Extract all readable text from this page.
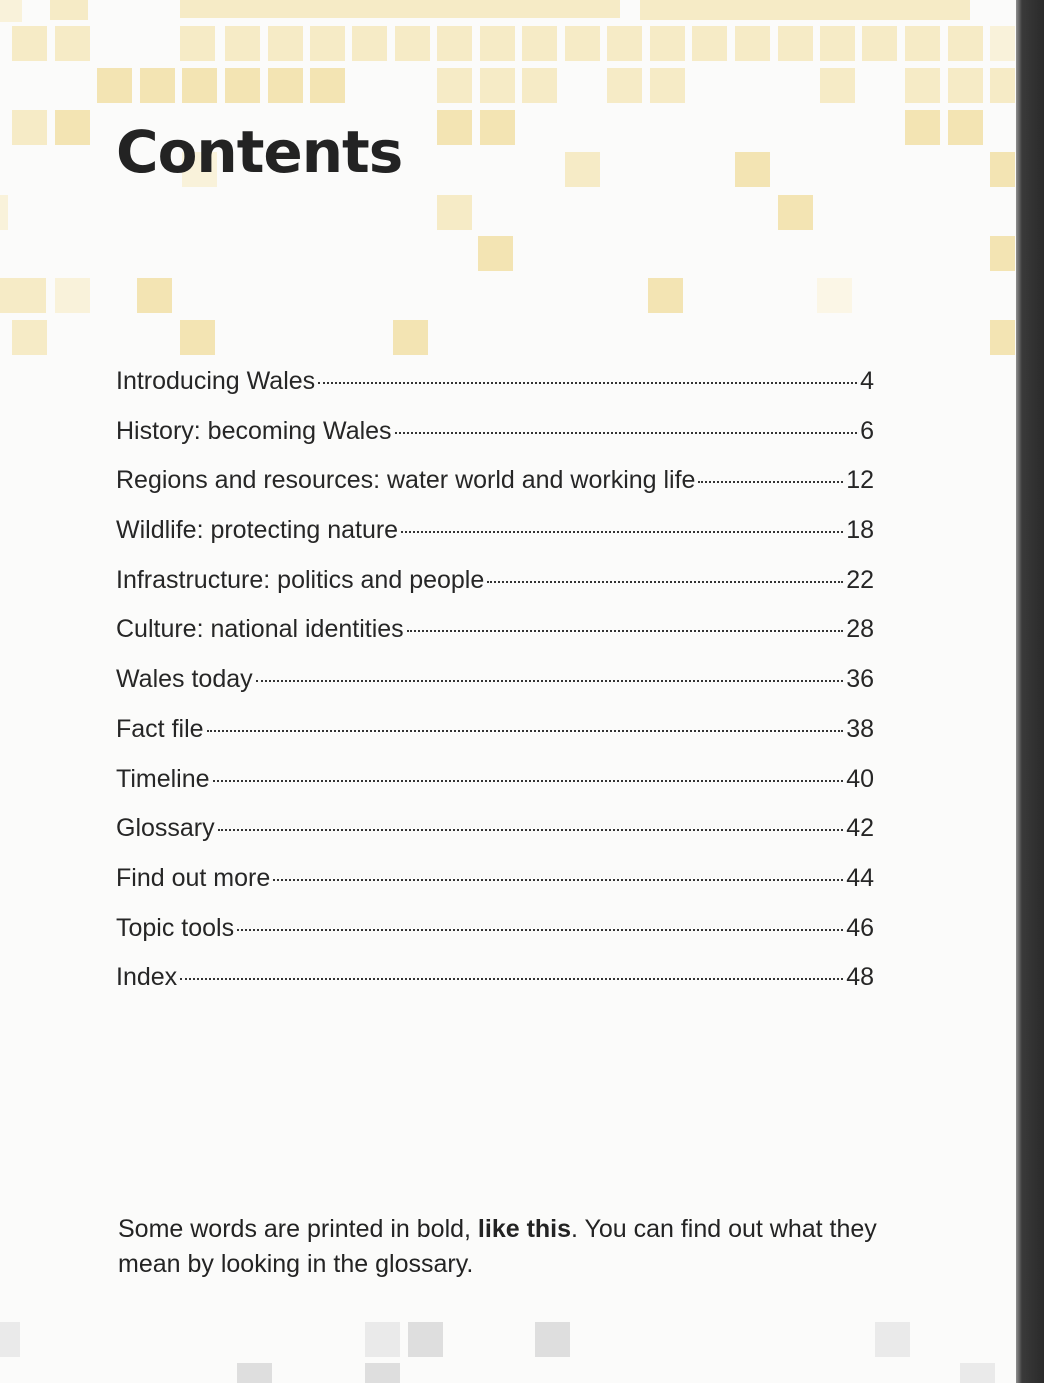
Contents
Introducing Wales	4
History: becoming Wales	6
Regions and resources: water world and working life	12
Wildlife: protecting nature	18
Infrastructure: politics and people	22
Culture: national identities	28
Wales today	36
Fact file	38
Timeline	40
Glossary	42
Find out more	44
Topic tools	46
Index	48

Some words are printed in bold, like this. You can find out what they mean by looking in the glossary.
